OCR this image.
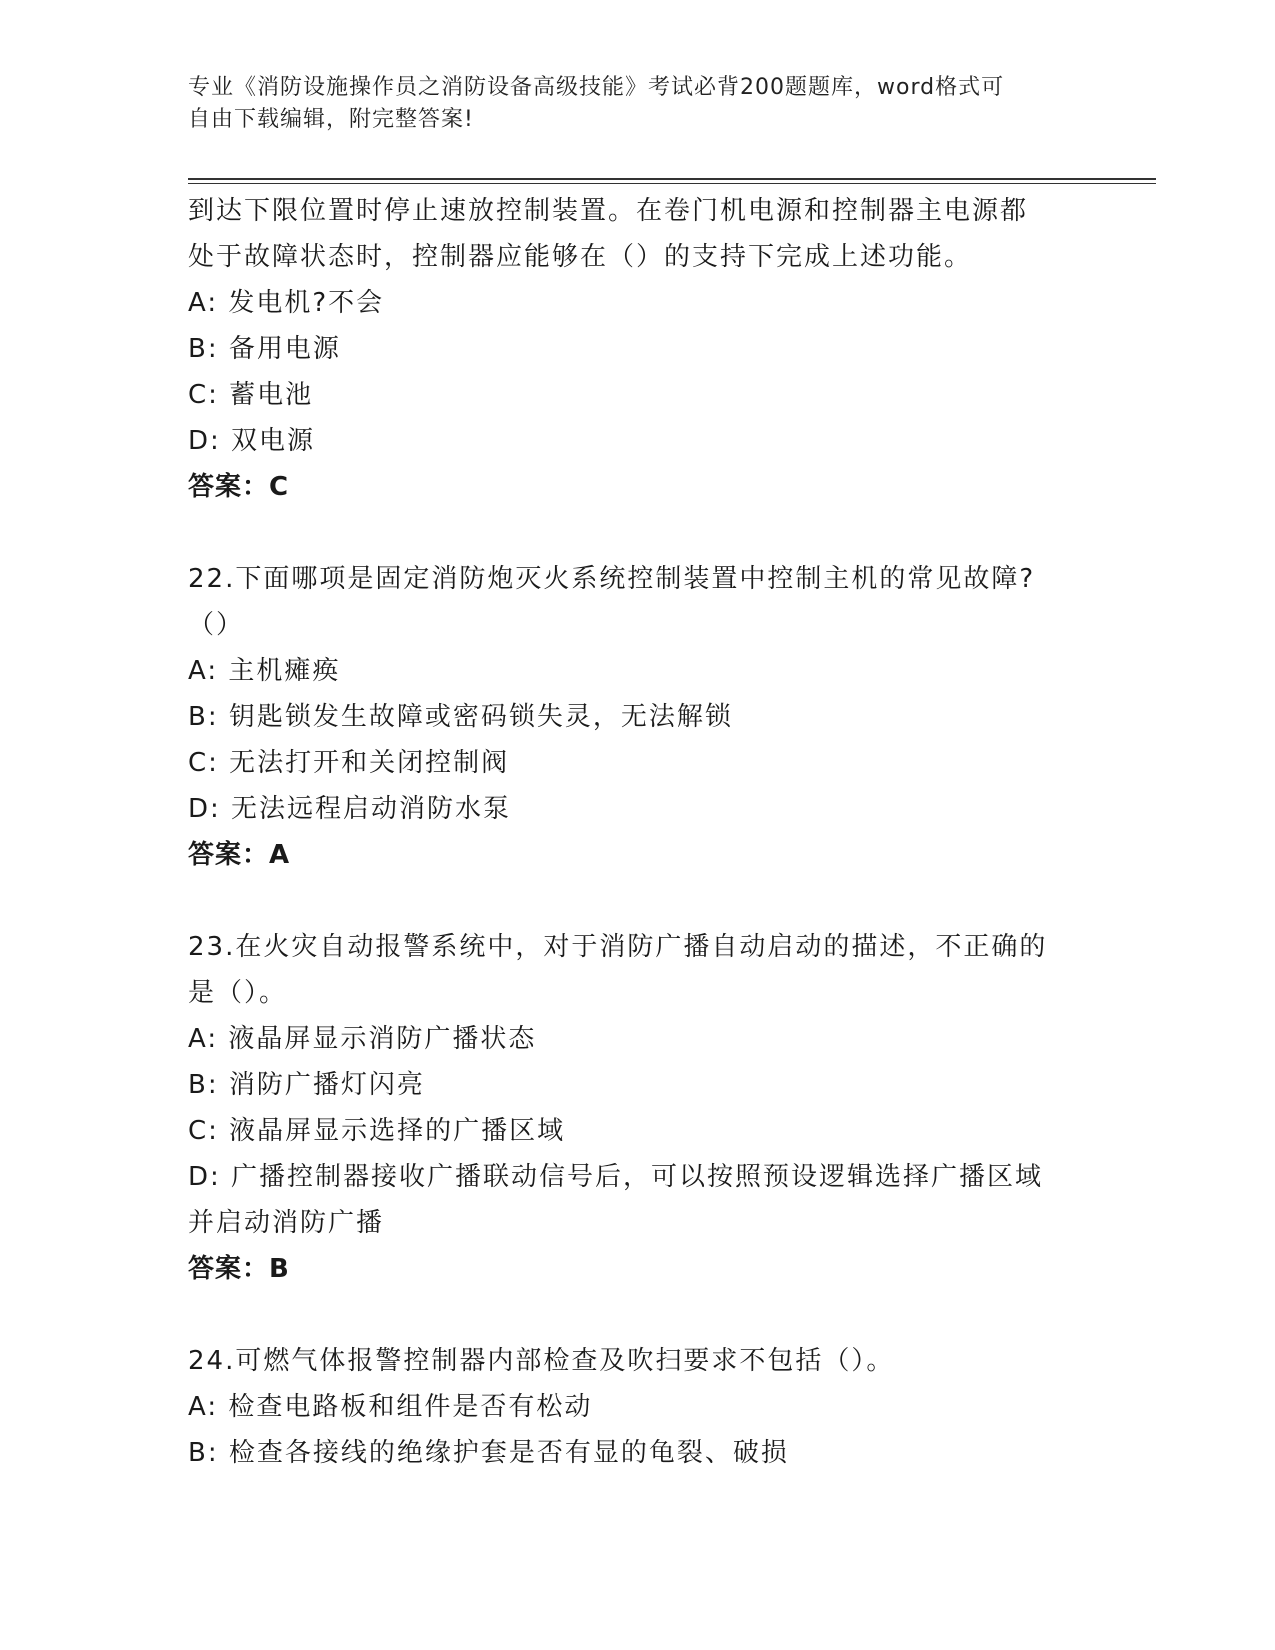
专业《消防设施操作员之消防设备高级技能》考试必背200题题库，word格式可
自由下载编辑，附完整答案!
到达下限位置时停止速放控制装置。在卷门机电源和控制器主电源都
处于故障状态时，控制器应能够在（）的支持下完成上述功能。
A: 发电机?不会
B: 备用电源
C: 蓄电池
D: 双电源
答案：C
22.下面哪项是固定消防炮灭火系统控制装置中控制主机的常见故障?
（）
A: 主机瘫痪
B: 钥匙锁发生故障或密码锁失灵，无法解锁
C: 无法打开和关闭控制阀
D: 无法远程启动消防水泵
答案：A
23.在火灾自动报警系统中，对于消防广播自动启动的描述，不正确的
是（）。
A: 液晶屏显示消防广播状态
B: 消防广播灯闪亮
C: 液晶屏显示选择的广播区域
D: 广播控制器接收广播联动信号后，可以按照预设逻辑选择广播区域
并启动消防广播
答案：B
24.可燃气体报警控制器内部检查及吹扫要求不包括（）。
A: 检查电路板和组件是否有松动
B: 检查各接线的绝缘护套是否有显的龟裂、破损
